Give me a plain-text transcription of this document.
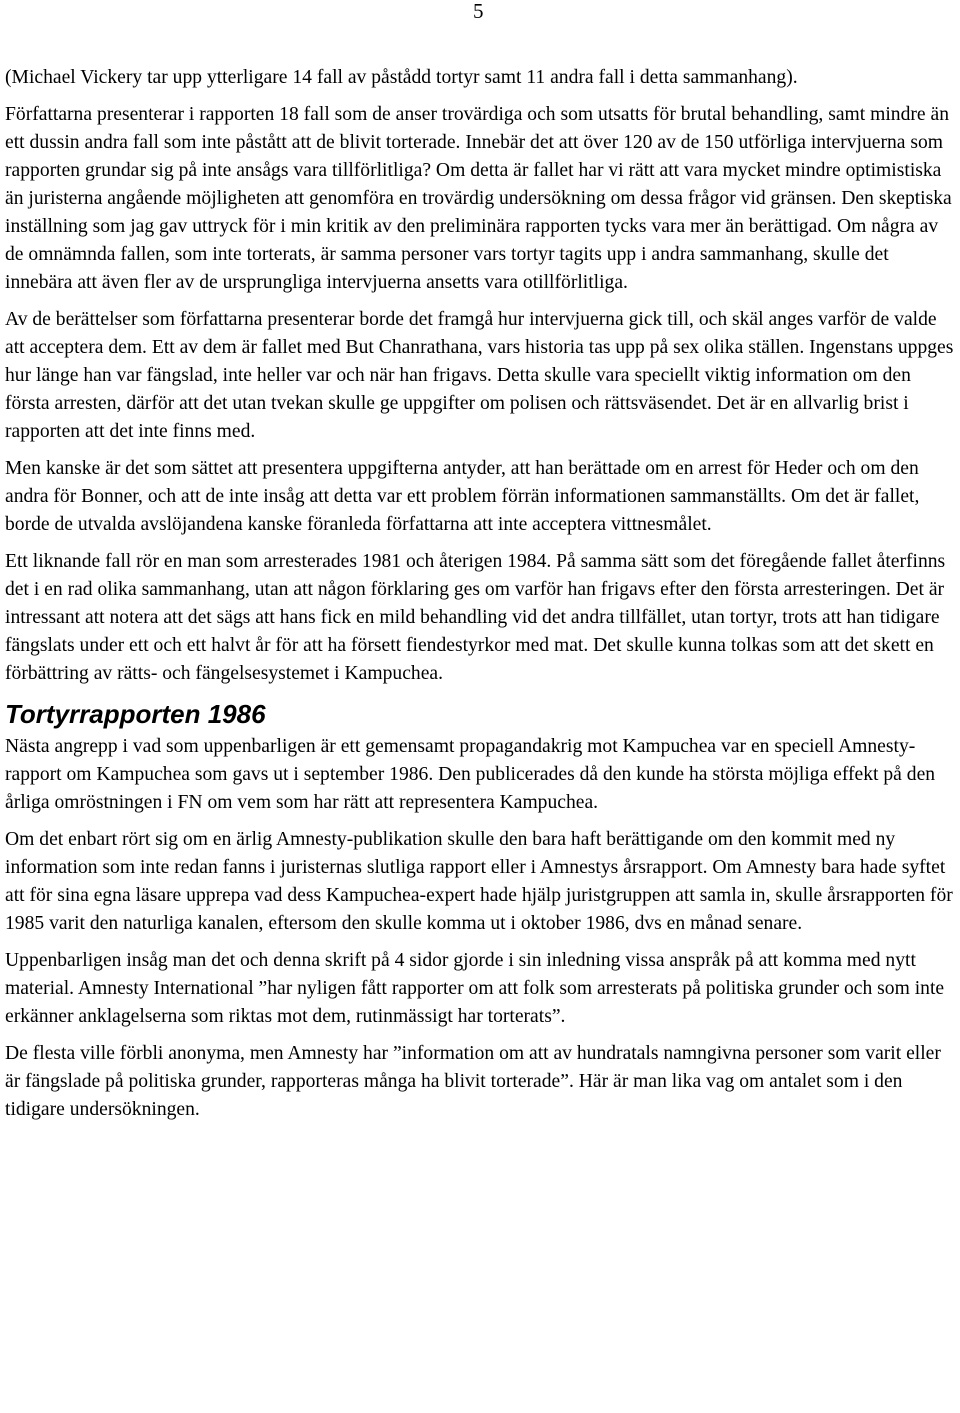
5

(Michael Vickery tar upp ytterligare 14 fall av påstådd tortyr samt 11 andra fall i detta sammanhang).

Författarna presenterar i rapporten 18 fall som de anser trovärdiga och som utsatts för brutal behandling, samt mindre än ett dussin andra fall som inte påstått att de blivit torterade. Innebär det att över 120 av de 150 utförliga intervjuerna som rapporten grundar sig på inte ansågs vara tillförlitliga? Om detta är fallet har vi rätt att vara mycket mindre optimistiska än juristerna angående möjligheten att genomföra en trovärdig undersökning om dessa frågor vid gränsen. Den skeptiska inställning som jag gav uttryck för i min kritik av den preliminära rapporten tycks vara mer än berättigad. Om några av de omnämnda fallen, som inte torterats, är samma personer vars tortyr tagits upp i andra sammanhang, skulle det innebära att även fler av de ursprungliga intervjuerna ansetts vara otillförlitliga.

Av de berättelser som författarna presenterar borde det framgå hur intervjuerna gick till, och skäl anges varför de valde att acceptera dem. Ett av dem är fallet med But Chanrathana, vars historia tas upp på sex olika ställen. Ingenstans uppges hur länge han var fängslad, inte heller var och när han frigavs. Detta skulle vara speciellt viktig information om den första arresten, därför att det utan tvekan skulle ge uppgifter om polisen och rättsväsendet. Det är en allvarlig brist i rapporten att det inte finns med.

Men kanske är det som sättet att presentera uppgifterna antyder, att han berättade om en arrest för Heder och om den andra för Bonner, och att de inte insåg att detta var ett problem förrän informationen sammanställts. Om det är fallet, borde de utvalda avslöjandena kanske föranleda författarna att inte acceptera vittnesmålet.

Ett liknande fall rör en man som arresterades 1981 och återigen 1984. På samma sätt som det föregående fallet återfinns det i en rad olika sammanhang, utan att någon förklaring ges om varför han frigavs efter den första arresteringen. Det är intressant att notera att det sägs att hans fick en mild behandling vid det andra tillfället, utan tortyr, trots att han tidigare fängslats under ett och ett halvt år för att ha försett fiendestyrkor med mat. Det skulle kunna tolkas som att det skett en förbättring av rätts- och fängelsesystemet i Kampuchea.

Tortyrrapporten 1986

Nästa angrepp i vad som uppenbarligen är ett gemensamt propagandakrig mot Kampuchea var en speciell Amnesty-rapport om Kampuchea som gavs ut i september 1986. Den publicerades då den kunde ha största möjliga effekt på den årliga omröstningen i FN om vem som har rätt att representera Kampuchea.

Om det enbart rört sig om en ärlig Amnesty-publikation skulle den bara haft berättigande om den kommit med ny information som inte redan fanns i juristernas slutliga rapport eller i Amnestys årsrapport. Om Amnesty bara hade syftet att för sina egna läsare upprepa vad dess Kampuchea-expert hade hjälp juristgruppen att samla in, skulle årsrapporten för 1985 varit den naturliga kanalen, eftersom den skulle komma ut i oktober 1986, dvs en månad senare.

Uppenbarligen insåg man det och denna skrift på 4 sidor gjorde i sin inledning vissa anspråk på att komma med nytt material. Amnesty International ”har nyligen fått rapporter om att folk som arresterats på politiska grunder och som inte erkänner anklagelserna som riktas mot dem, rutinmässigt har torterats”.

De flesta ville förbli anonyma, men Amnesty har ”information om att av hundratals namngivna personer som varit eller är fängslade på politiska grunder, rapporteras många ha blivit torterade”. Här är man lika vag om antalet som i den tidigare undersökningen.
